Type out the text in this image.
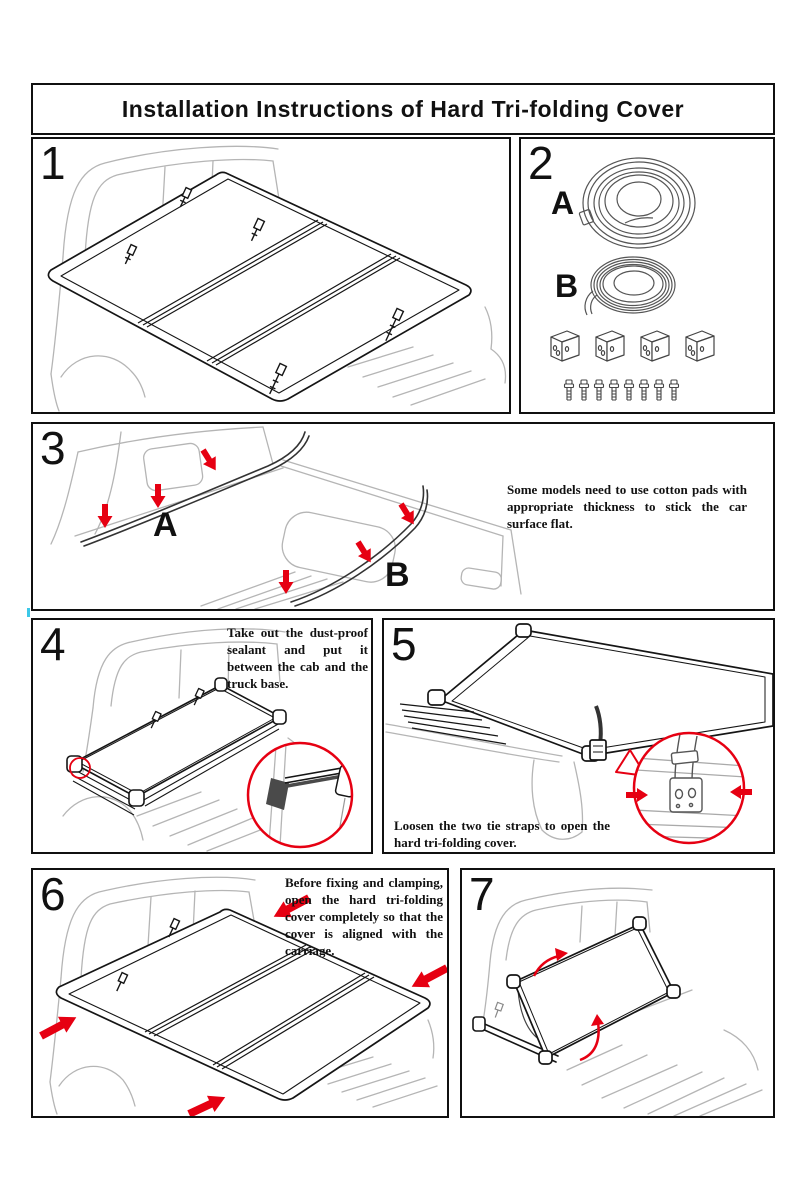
Installation Instructions of Hard Tri-folding Cover
1
A
B
2
A
B
3
Some models need to use cotton pads with appropriate thickness to stick the car surface flat.
4	Take out the dust-proof sealant and put it between the cab and the truck base.
5
Loosen the two tie straps to open the hard tri-folding cover.
6	Before fixing and clamping, open the hard tri-folding cover completely so that the cover is aligned with the carriage.
7
